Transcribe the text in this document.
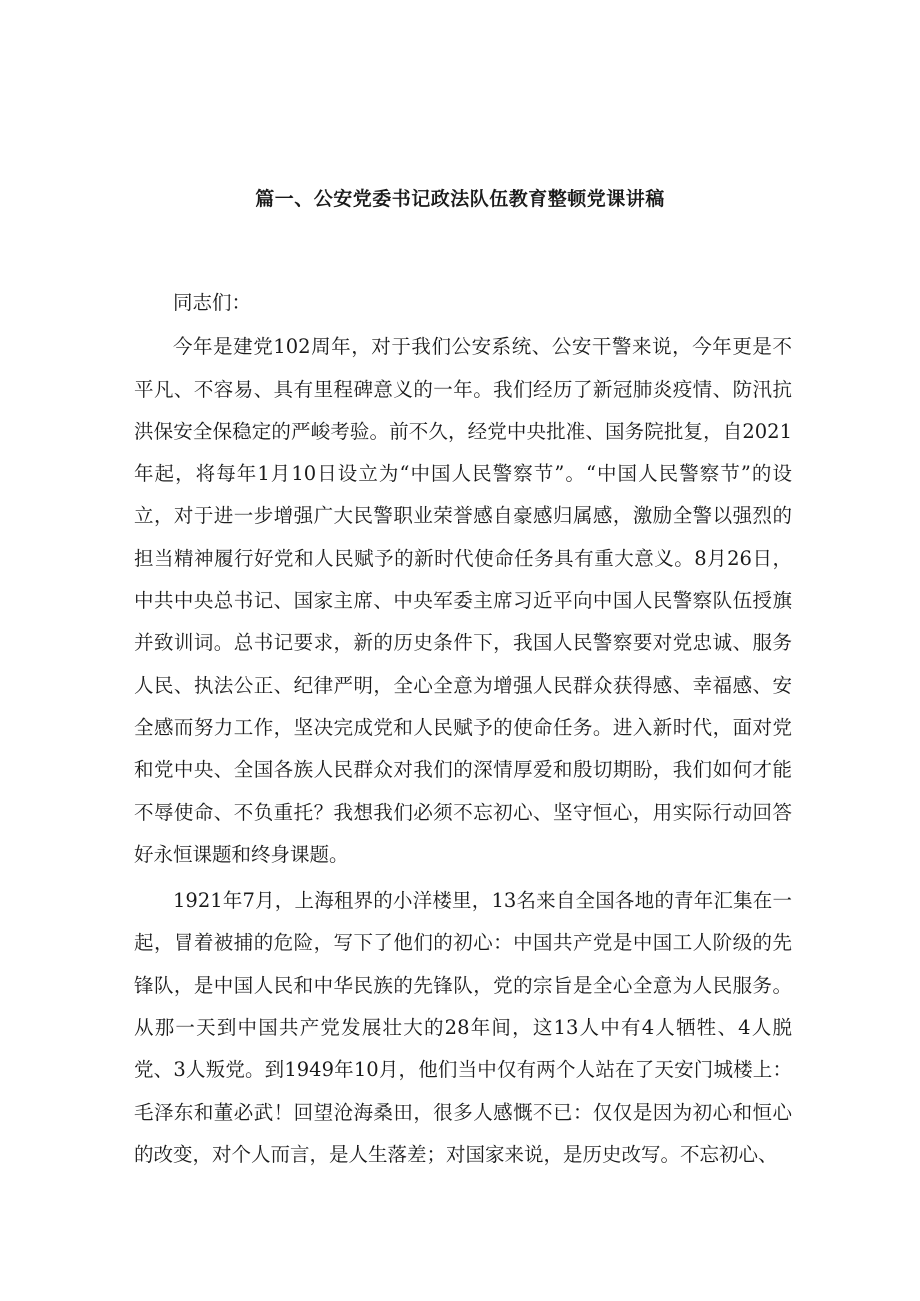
篇一、公安党委书记政法队伍教育整顿党课讲稿

同志们：

今年是建党102周年，对于我们公安系统、公安干警来说，今年更是不平凡、不容易、具有里程碑意义的一年。我们经历了新冠肺炎疫情、防汛抗洪保安全保稳定的严峻考验。前不久，经党中央批准、国务院批复，自2021年起，将每年1月10日设立为“中国人民警察节”。“中国人民警察节”的设立，对于进一步增强广大民警职业荣誉感自豪感归属感，激励全警以强烈的担当精神履行好党和人民赋予的新时代使命任务具有重大意义。8月26日，中共中央总书记、国家主席、中央军委主席习近平向中国人民警察队伍授旗并致训词。总书记要求，新的历史条件下，我国人民警察要对党忠诚、服务人民、执法公正、纪律严明，全心全意为增强人民群众获得感、幸福感、安全感而努力工作，坚决完成党和人民赋予的使命任务。进入新时代，面对党和党中央、全国各族人民群众对我们的深情厚爱和殷切期盼，我们如何才能不辱使命、不负重托？我想我们必须不忘初心、坚守恒心，用实际行动回答好永恒课题和终身课题。

1921年7月，上海租界的小洋楼里，13名来自全国各地的青年汇集在一起，冒着被捕的危险，写下了他们的初心：中国共产党是中国工人阶级的先锋队，是中国人民和中华民族的先锋队，党的宗旨是全心全意为人民服务。从那一天到中国共产党发展壮大的28年间，这13人中有4人牺牲、4人脱党、3人叛党。到1949年10月，他们当中仅有两个人站在了天安门城楼上：毛泽东和董必武！回望沧海桑田，很多人感慨不已：仅仅是因为初心和恒心的改变，对个人而言，是人生落差；对国家来说，是历史改写。不忘初心、
